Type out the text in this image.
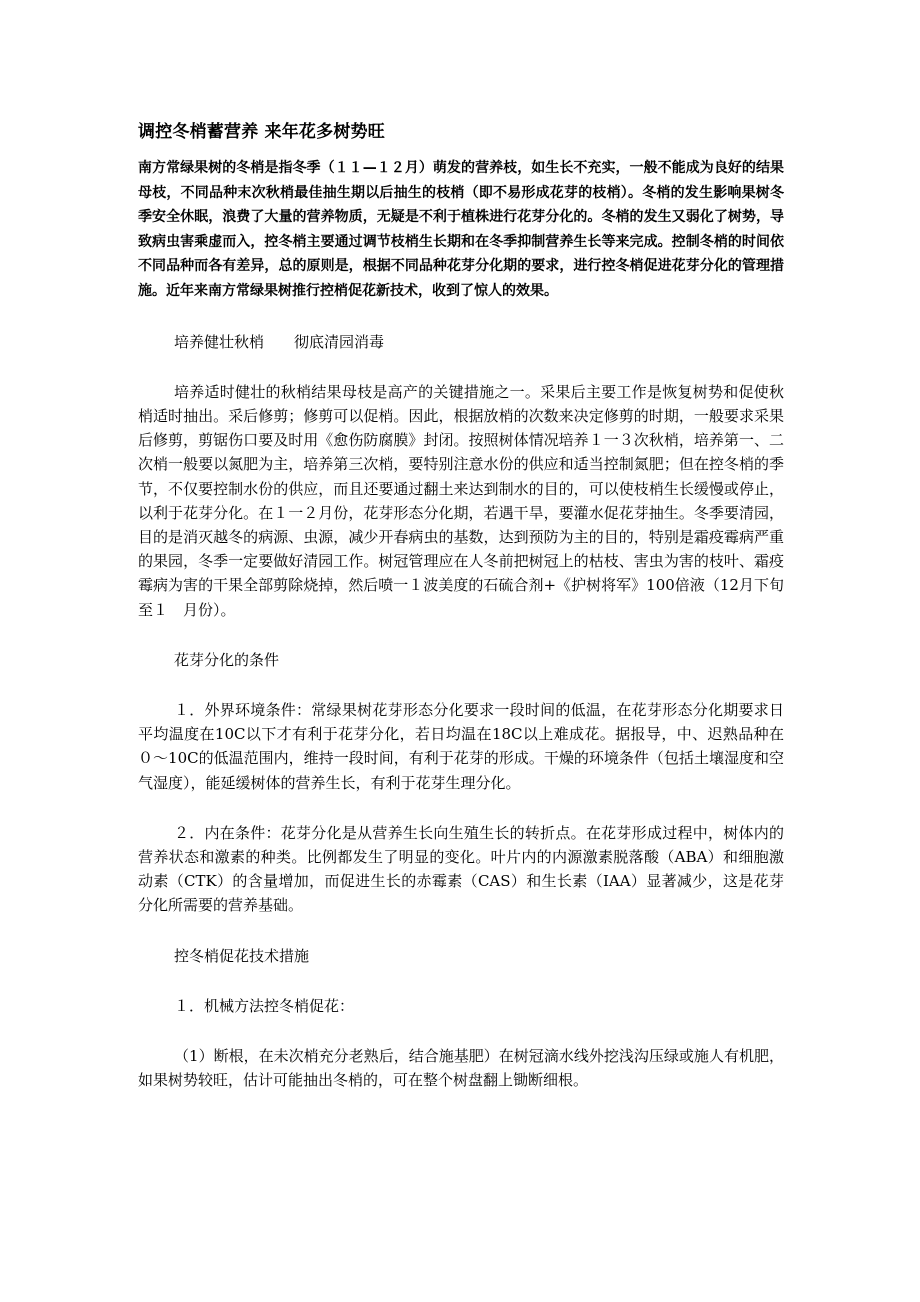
调控冬梢蓄营养 来年花多树势旺

南方常绿果树的冬梢是指冬季（１１—１２月）萌发的营养枝，如生长不充实，一般不能成为良好的结果母枝，不同品种末次秋梢最佳抽生期以后抽生的枝梢（即不易形成花芽的枝梢）。冬梢的发生影响果树冬季安全休眠，浪费了大量的营养物质，无疑是不利于植株进行花芽分化的。冬梢的发生又弱化了树势，导致病虫害乘虚而入，控冬梢主要通过调节枝梢生长期和在冬季抑制营养生长等来完成。控制冬梢的时间依不同品种而各有差异，总的原则是，根据不同品种花芽分化期的要求，进行控冬梢促进花芽分化的管理措施。近年来南方常绿果树推行控梢促花新技术，收到了惊人的效果。

培养健壮秋梢　　彻底清园消毒

培养适时健壮的秋梢结果母枝是高产的关键措施之一。采果后主要工作是恢复树势和促使秋梢适时抽出。采后修剪；修剪可以促梢。因此，根据放梢的次数来决定修剪的时期，一般要求采果后修剪，剪锯伤口要及时用《愈伤防腐膜》封闭。按照树体情况培养１一３次秋梢，培养第一、二次梢一般要以氮肥为主，培养第三次梢，要特别注意水份的供应和适当控制氮肥；但在控冬梢的季节，不仅要控制水份的供应，而且还要通过翻土来达到制水的目的，可以使枝梢生长缓慢或停止，以利于花芽分化。在１一２月份，花芽形态分化期，若遇干旱，要灌水促花芽抽生。冬季要清园，目的是消灭越冬的病源、虫源，减少开春病虫的基数，达到预防为主的目的，特别是霜疫霉病严重的果园，冬季一定要做好清园工作。树冠管理应在人冬前把树冠上的枯枝、害虫为害的枝叶、霜疫霉病为害的干果全部剪除烧掉，然后喷一１波美度的石硫合剂+《护树将军》100倍液（12月下旬至１　月份）。

花芽分化的条件

１．外界环境条件：常绿果树花芽形态分化要求一段时间的低温，在花芽形态分化期要求日平均温度在10C以下才有利于花芽分化，若日均温在18C以上难成花。据报导，中、迟熟品种在０～10C的低温范围内，维持一段时间，有利于花芽的形成。干燥的环境条件（包括土壤湿度和空气湿度），能延缓树体的营养生长，有利于花芽生理分化。

２．内在条件：花芽分化是从营养生长向生殖生长的转折点。在花芽形成过程中，树体内的营养状态和激素的种类。比例都发生了明显的变化。叶片内的内源激素脱落酸（ABA）和细胞激动素（CTK）的含量增加，而促进生长的赤霉素（CAS）和生长素（IAA）显著减少，这是花芽分化所需要的营养基础。

控冬梢促花技术措施

１．机械方法控冬梢促花：

（1）断根，在未次梢充分老熟后，结合施基肥）在树冠滴水线外挖浅沟压绿或施人有机肥，如果树势较旺，估计可能抽出冬梢的，可在整个树盘翻上锄断细根。
